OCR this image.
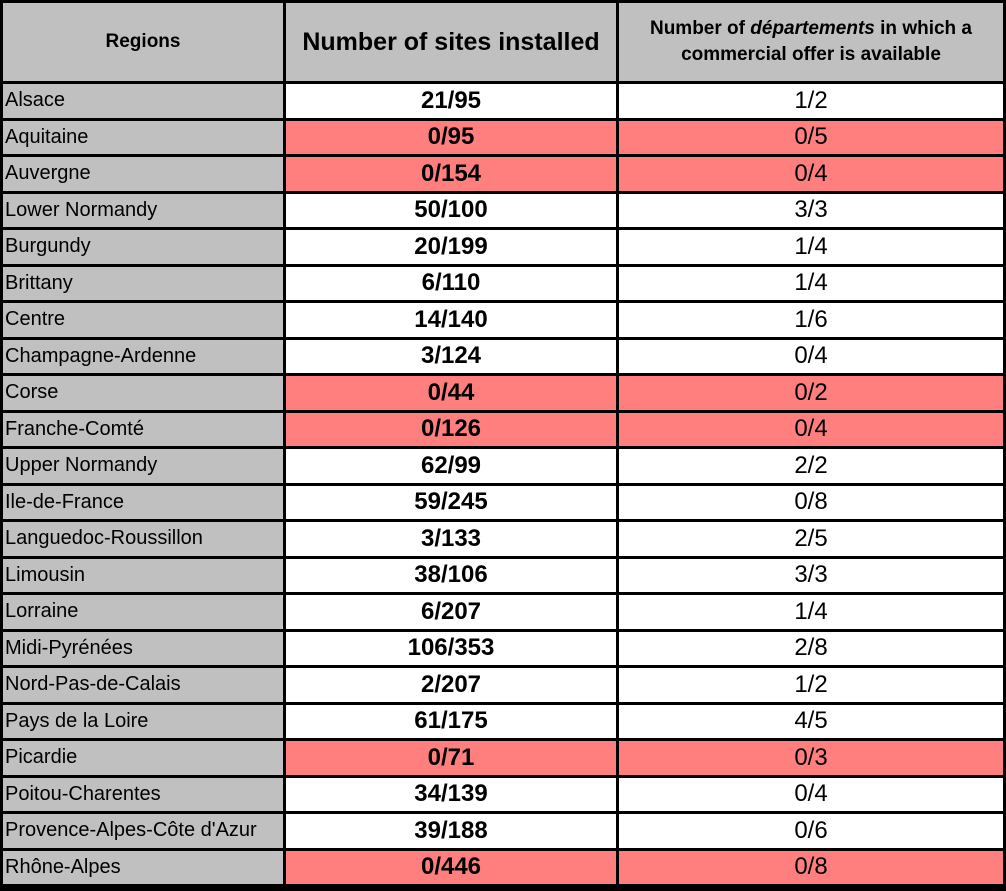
Regions	Number of sites installed	Number of départements in which a
commercial offer is available
Alsace	21/95	1/2
Aquitaine	0/95	0/5
Auvergne	0/154	0/4
Lower Normandy	50/100	3/3
Burgundy	20/199	1/4
Brittany	6/110	1/4
Centre	14/140	1/6
Champagne-Ardenne	3/124	0/4
Corse	0/44	0/2
Franche-Comté	0/126	0/4
Upper Normandy	62/99	2/2
Ile-de-France	59/245	0/8
Languedoc-Roussillon	3/133	2/5
Limousin	38/106	3/3
Lorraine	6/207	1/4
Midi-Pyrénées	106/353	2/8
Nord-Pas-de-Calais	2/207	1/2
Pays de la Loire	61/175	4/5
Picardie	0/71	0/3
Poitou-Charentes	34/139	0/4
Provence-Alpes-Côte d'Azur	39/188	0/6
Rhône-Alpes	0/446	0/8
